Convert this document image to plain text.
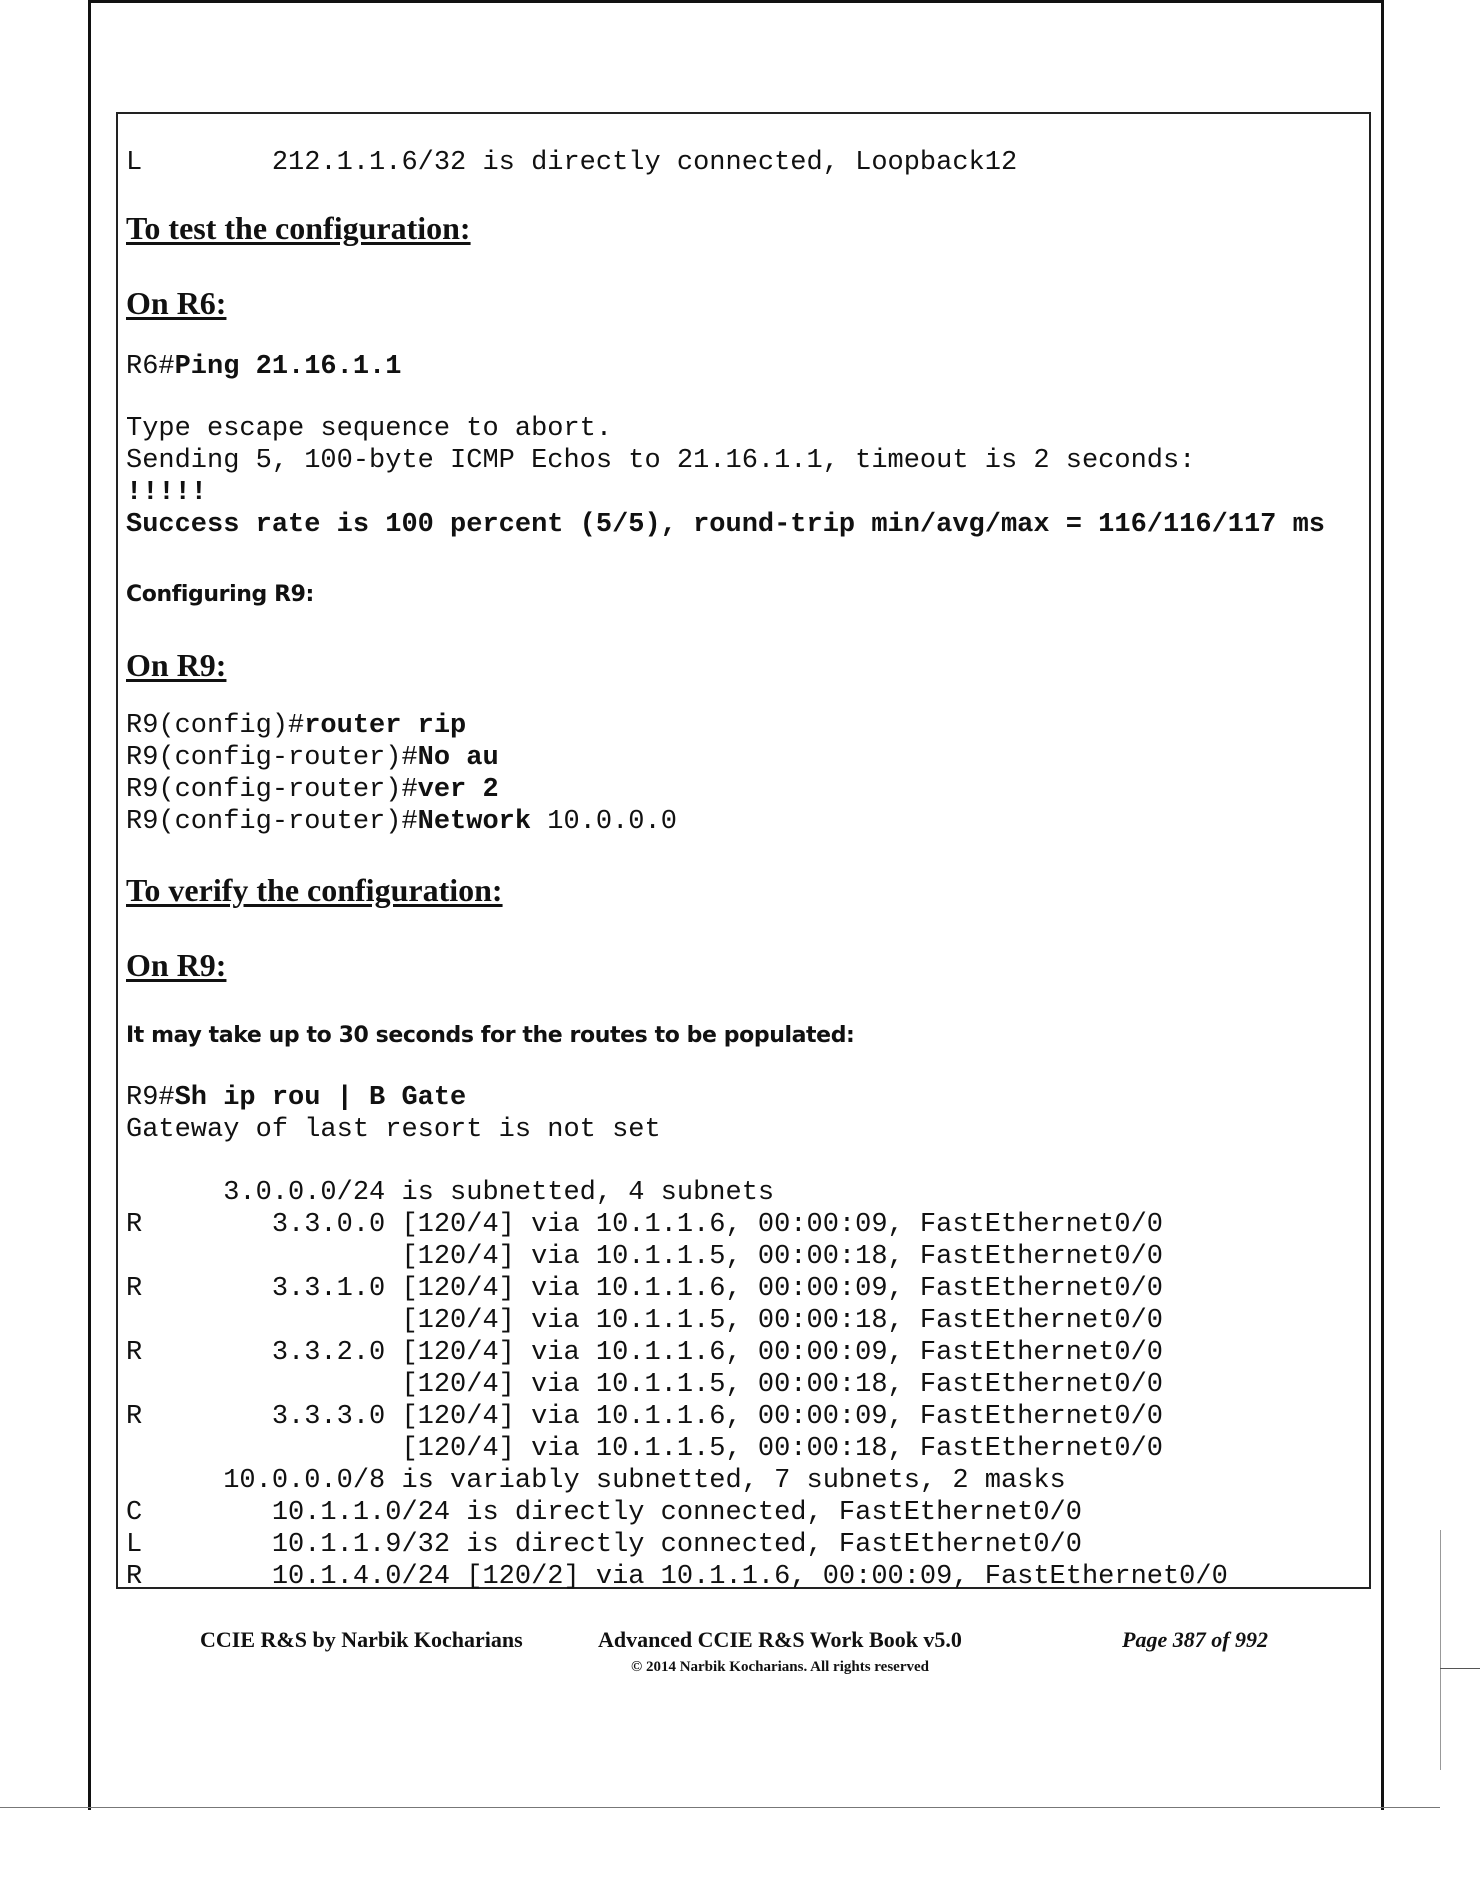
L        212.1.1.6/32 is directly connected, Loopback12

To test the configuration:

On R6:

R6#Ping 21.16.1.1
Type escape sequence to abort.
Sending 5, 100-byte ICMP Echos to 21.16.1.1, timeout is 2 seconds:
!!!!!
Success rate is 100 percent (5/5), round-trip min/avg/max = 116/116/117 ms

Configuring R9:

On R9:

R9(config)#router rip
R9(config-router)#No au
R9(config-router)#ver 2
R9(config-router)#Network 10.0.0.0

To verify the configuration:

On R9:

It may take up to 30 seconds for the routes to be populated:

R9#Sh ip rou | B Gate
Gateway of last resort is not set
3.0.0.0/24 is subnetted, 4 subnets
R        3.3.0.0 [120/4] via 10.1.1.6, 00:00:09, FastEthernet0/0
[120/4] via 10.1.1.5, 00:00:18, FastEthernet0/0
R        3.3.1.0 [120/4] via 10.1.1.6, 00:00:09, FastEthernet0/0
[120/4] via 10.1.1.5, 00:00:18, FastEthernet0/0
R        3.3.2.0 [120/4] via 10.1.1.6, 00:00:09, FastEthernet0/0
[120/4] via 10.1.1.5, 00:00:18, FastEthernet0/0
R        3.3.3.0 [120/4] via 10.1.1.6, 00:00:09, FastEthernet0/0
[120/4] via 10.1.1.5, 00:00:18, FastEthernet0/0
10.0.0.0/8 is variably subnetted, 7 subnets, 2 masks
C        10.1.1.0/24 is directly connected, FastEthernet0/0
L        10.1.1.9/32 is directly connected, FastEthernet0/0
R        10.1.4.0/24 [120/2] via 10.1.1.6, 00:00:09, FastEthernet0/0

CCIE R&S by Narbik Kocharians	Advanced CCIE R&S Work Book v5.0
© 2014 Narbik Kocharians. All rights reserved

Page 387 of 992
